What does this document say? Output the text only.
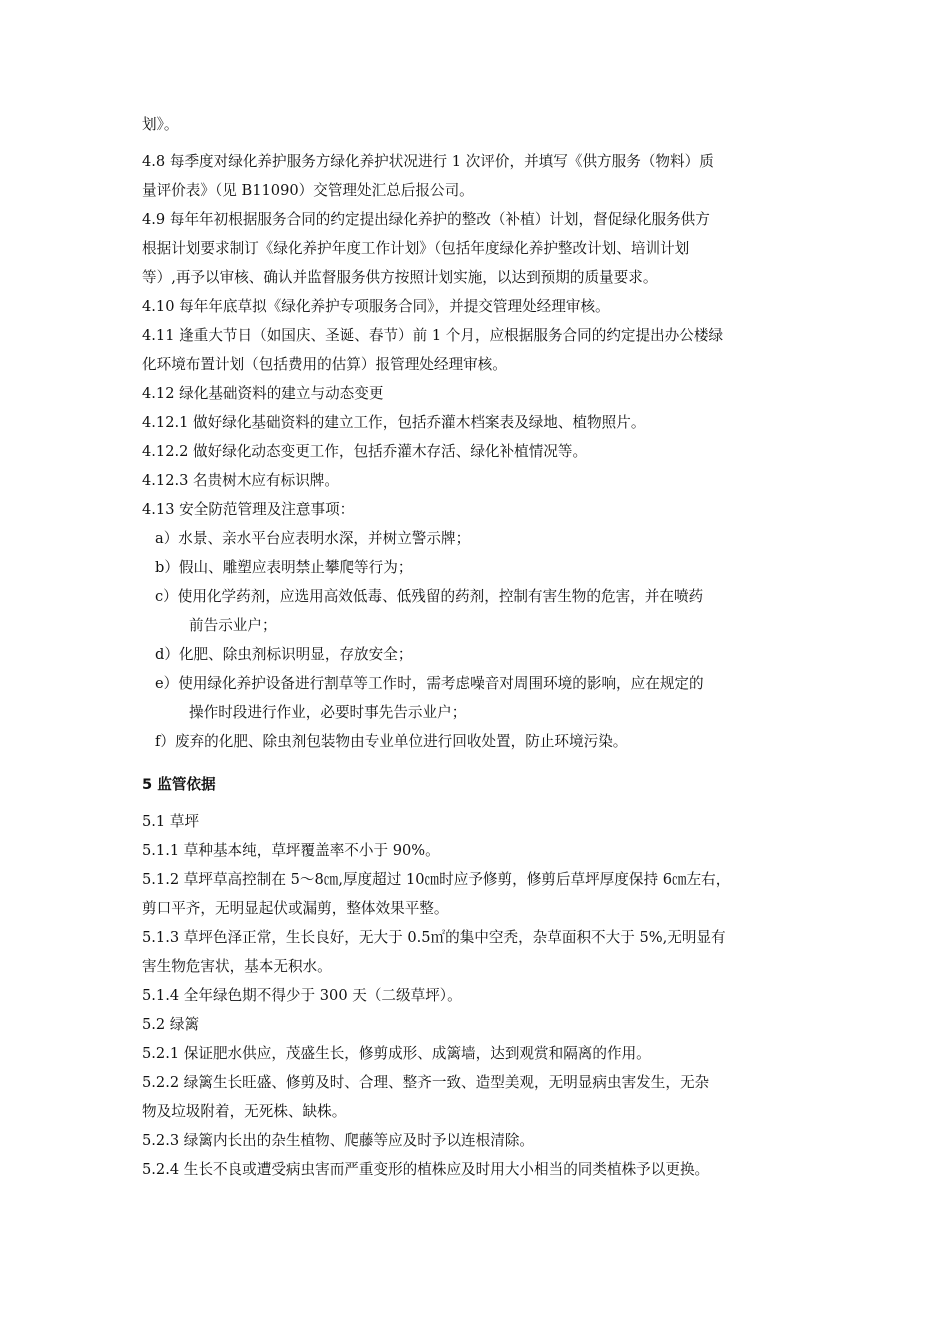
划》。
4.8 每季度对绿化养护服务方绿化养护状况进行 1 次评价，并填写《供方服务（物料）质
量评价表》（见 B11090）交管理处汇总后报公司。
4.9 每年年初根据服务合同的约定提出绿化养护的整改（补植）计划，督促绿化服务供方
根据计划要求制订《绿化养护年度工作计划》（包括年度绿化养护整改计划、培训计划
等）,再予以审核、确认并监督服务供方按照计划实施，以达到预期的质量要求。
4.10 每年年底草拟《绿化养护专项服务合同》，并提交管理处经理审核。
4.11 逢重大节日（如国庆、圣诞、春节）前 1 个月，应根据服务合同的约定提出办公楼绿
化环境布置计划（包括费用的估算）报管理处经理审核。
4.12 绿化基础资料的建立与动态变更
4.12.1 做好绿化基础资料的建立工作，包括乔灌木档案表及绿地、植物照片。
4.12.2 做好绿化动态变更工作，包括乔灌木存活、绿化补植情况等。
4.12.3 名贵树木应有标识牌。
4.13 安全防范管理及注意事项：
a）水景、亲水平台应表明水深，并树立警示牌；
b）假山、雕塑应表明禁止攀爬等行为；
c）使用化学药剂，应选用高效低毒、低残留的药剂，控制有害生物的危害，并在喷药
前告示业户；
d）化肥、除虫剂标识明显，存放安全；
e）使用绿化养护设备进行割草等工作时，需考虑噪音对周围环境的影响，应在规定的
操作时段进行作业，必要时事先告示业户；
f）废弃的化肥、除虫剂包装物由专业单位进行回收处置，防止环境污染。
5 监管依据
5.1 草坪
5.1.1 草种基本纯，草坪覆盖率不小于 90%。
5.1.2 草坪草高控制在 5～8㎝,厚度超过 10㎝时应予修剪，修剪后草坪厚度保持 6㎝左右，
剪口平齐，无明显起伏或漏剪，整体效果平整。
5.1.3 草坪色泽正常，生长良好，无大于 0.5㎡的集中空秃，杂草面积不大于 5%,无明显有
害生物危害状，基本无积水。
5.1.4 全年绿色期不得少于 300 天（二级草坪）。
5.2 绿篱
5.2.1 保证肥水供应，茂盛生长，修剪成形、成篱墙，达到观赏和隔离的作用。
5.2.2 绿篱生长旺盛、修剪及时、合理、整齐一致、造型美观，无明显病虫害发生，无杂
物及垃圾附着，无死株、缺株。
5.2.3 绿篱内长出的杂生植物、爬藤等应及时予以连根清除。
5.2.4 生长不良或遭受病虫害而严重变形的植株应及时用大小相当的同类植株予以更换。
